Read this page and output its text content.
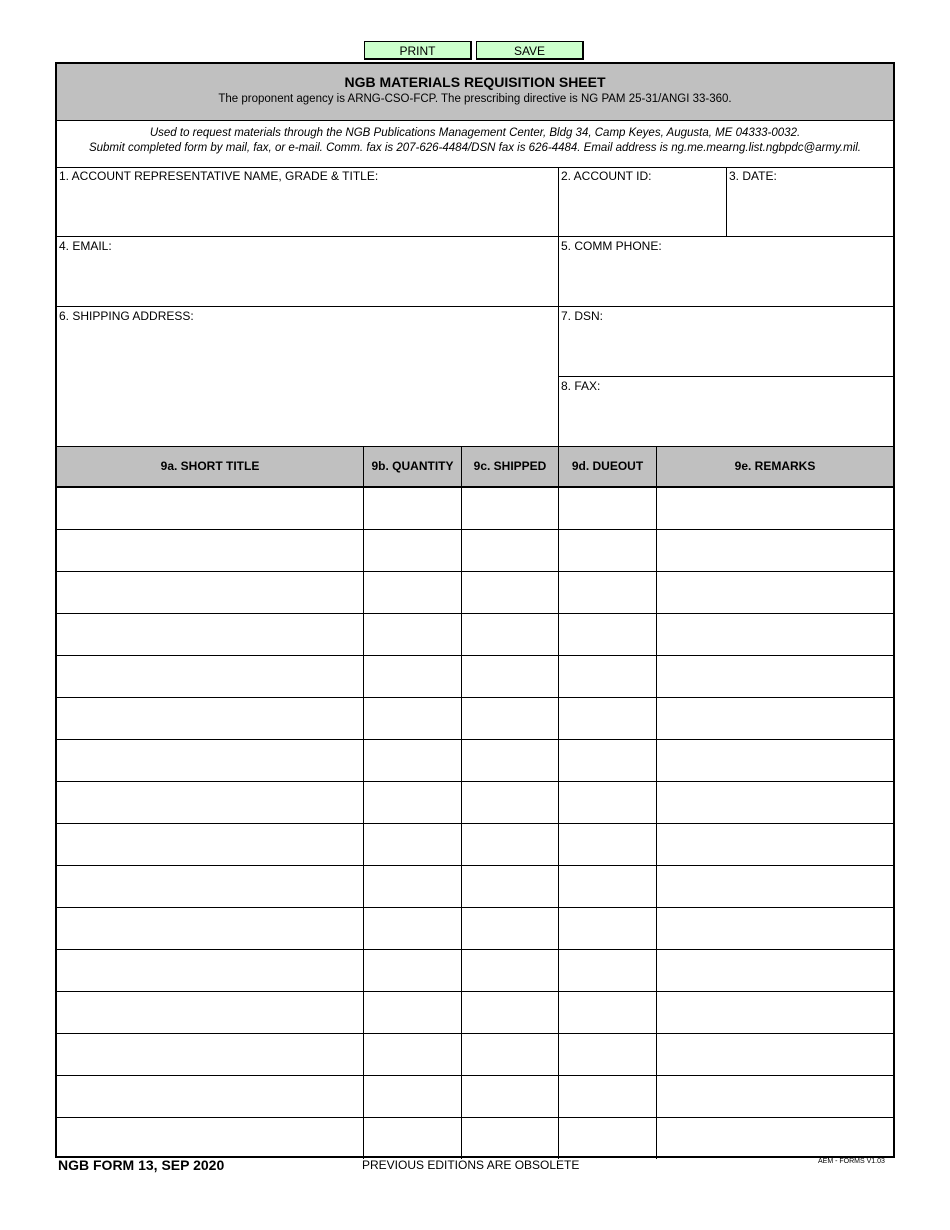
PRINT	SAVE
NGB MATERIALS REQUISITION SHEET
The proponent agency is ARNG-CSO-FCP. The prescribing directive is NG PAM 25-31/ANGI 33-360.
Used to request materials through the NGB Publications Management Center, Bldg 34, Camp Keyes, Augusta, ME 04333-0032.
Submit completed form by mail, fax, or e-mail. Comm. fax is 207-626-4484/DSN fax is 626-4484. Email address is ng.me.mearng.list.ngbpdc@army.mil.
1. ACCOUNT REPRESENTATIVE NAME, GRADE & TITLE:	2. ACCOUNT ID:	3. DATE:
4. EMAIL:	5. COMM PHONE:
6. SHIPPING ADDRESS:	7. DSN:
8. FAX:
9a. SHORT TITLE	9b. QUANTITY	9c. SHIPPED	9d. DUEOUT	9e. REMARKS
NGB FORM 13, SEP 2020	PREVIOUS EDITIONS ARE OBSOLETE	AEM - FORMS V1.03
